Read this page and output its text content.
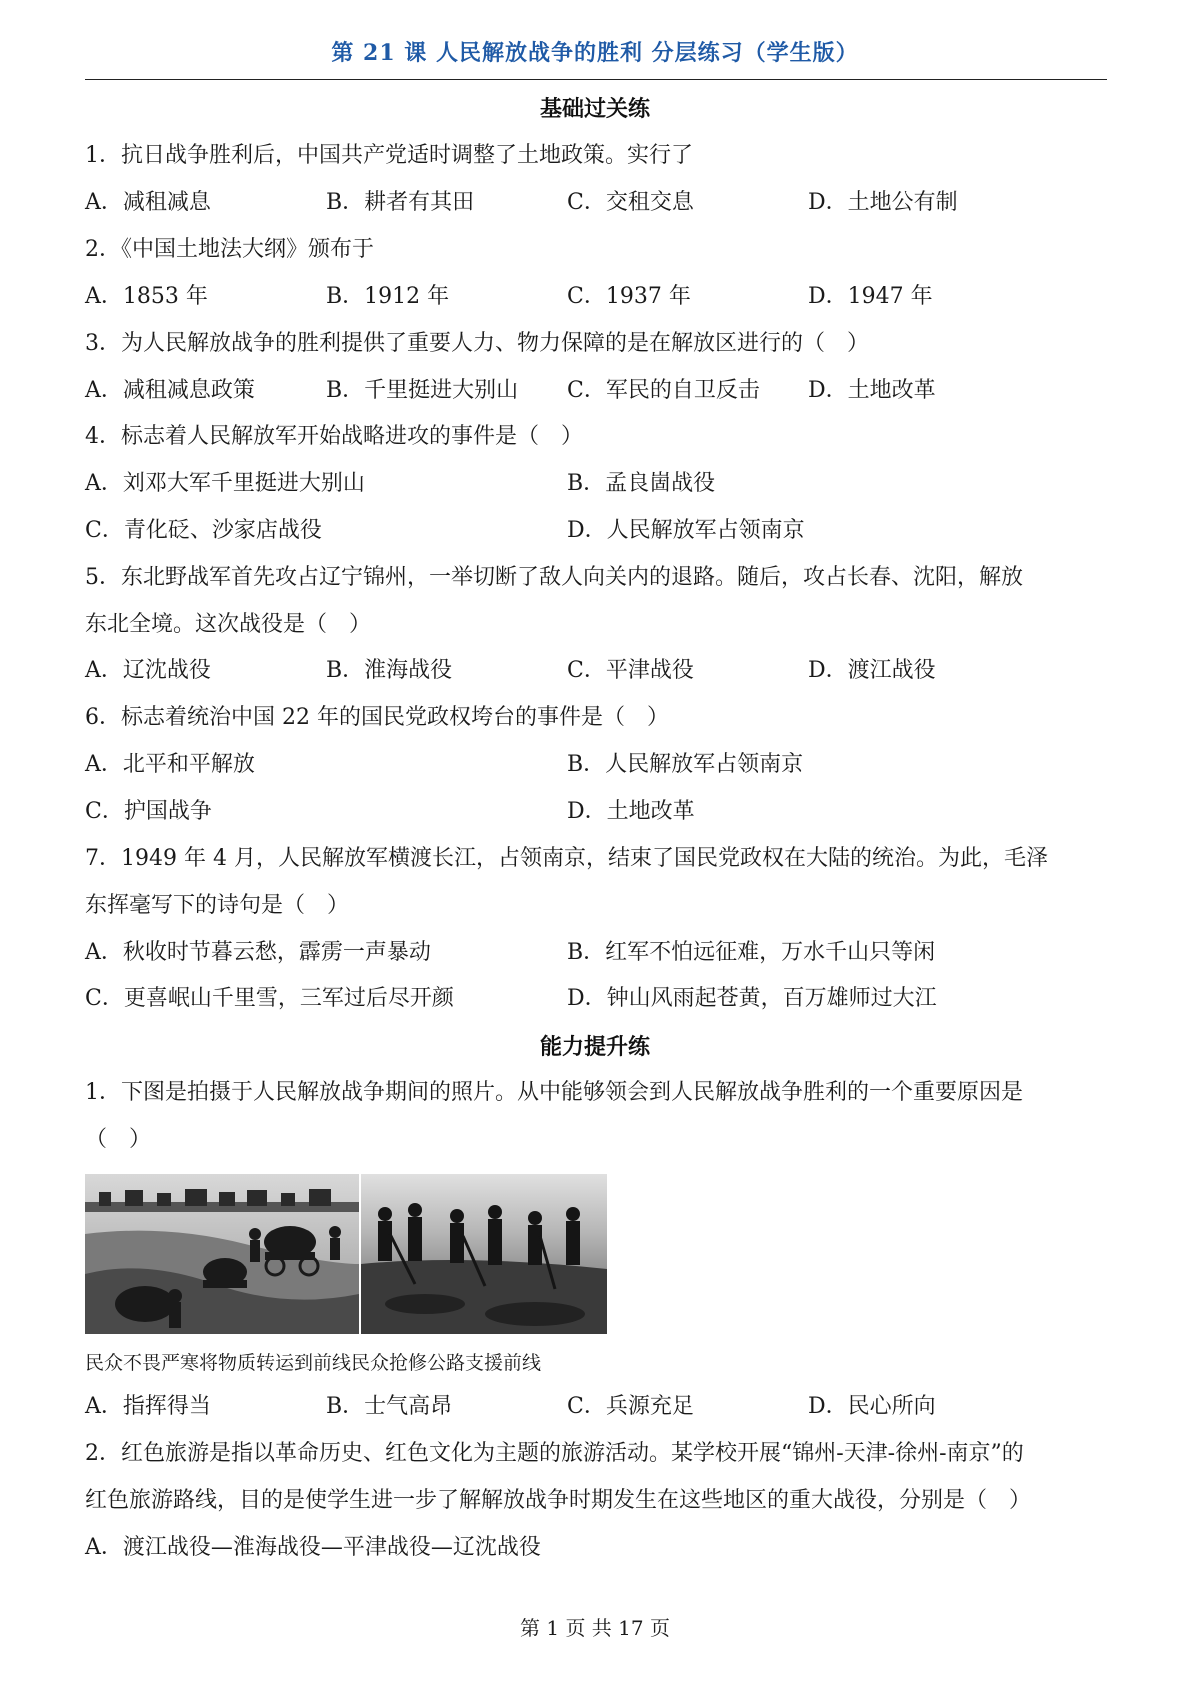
第 21 课 人民解放战争的胜利 分层练习（学生版）
基础过关练
1．抗日战争胜利后，中国共产党适时调整了土地政策。实行了
A．减租减息	B．耕者有其田	C．交租交息	D．土地公有制
2．《中国土地法大纲》颁布于
A．1853 年	B．1912 年	C．1937 年	D．1947 年
3．为人民解放战争的胜利提供了重要人力、物力保障的是在解放区进行的（　）
A．减租减息政策	B．千里挺进大别山 C．军民的自卫反击 D．土地改革
4．标志着人民解放军开始战略进攻的事件是（　）
A．刘邓大军千里挺进大别山	B．孟良崮战役
C．青化砭、沙家店战役	D．人民解放军占领南京
5．东北野战军首先攻占辽宁锦州，一举切断了敌人向关内的退路。随后，攻占长春、沈阳，解放
东北全境。这次战役是（　）
A．辽沈战役	B．淮海战役	C．平津战役	D．渡江战役
6．标志着统治中国 22 年的国民党政权垮台的事件是（　）
A．北平和平解放	B．人民解放军占领南京
C．护国战争	D．土地改革
7．1949 年 4 月，人民解放军横渡长江，占领南京，结束了国民党政权在大陆的统治。为此，毛泽
东挥毫写下的诗句是（　）
A．秋收时节暮云愁，霹雳一声暴动	B．红军不怕远征难，万水千山只等闲
C．更喜岷山千里雪，三军过后尽开颜	D．钟山风雨起苍黄，百万雄师过大江
能力提升练
1．下图是拍摄于人民解放战争期间的照片。从中能够领会到人民解放战争胜利的一个重要原因是
（　）
民众不畏严寒将物质转运到前线民众抢修公路支援前线
A．指挥得当	B．士气高昂	C．兵源充足	D．民心所向
2．红色旅游是指以革命历史、红色文化为主题的旅游活动。某学校开展“锦州-天津-徐州-南京”的
红色旅游路线，目的是使学生进一步了解解放战争时期发生在这些地区的重大战役，分别是（　）
A．渡江战役—淮海战役—平津战役—辽沈战役
第 1 页 共 17 页
